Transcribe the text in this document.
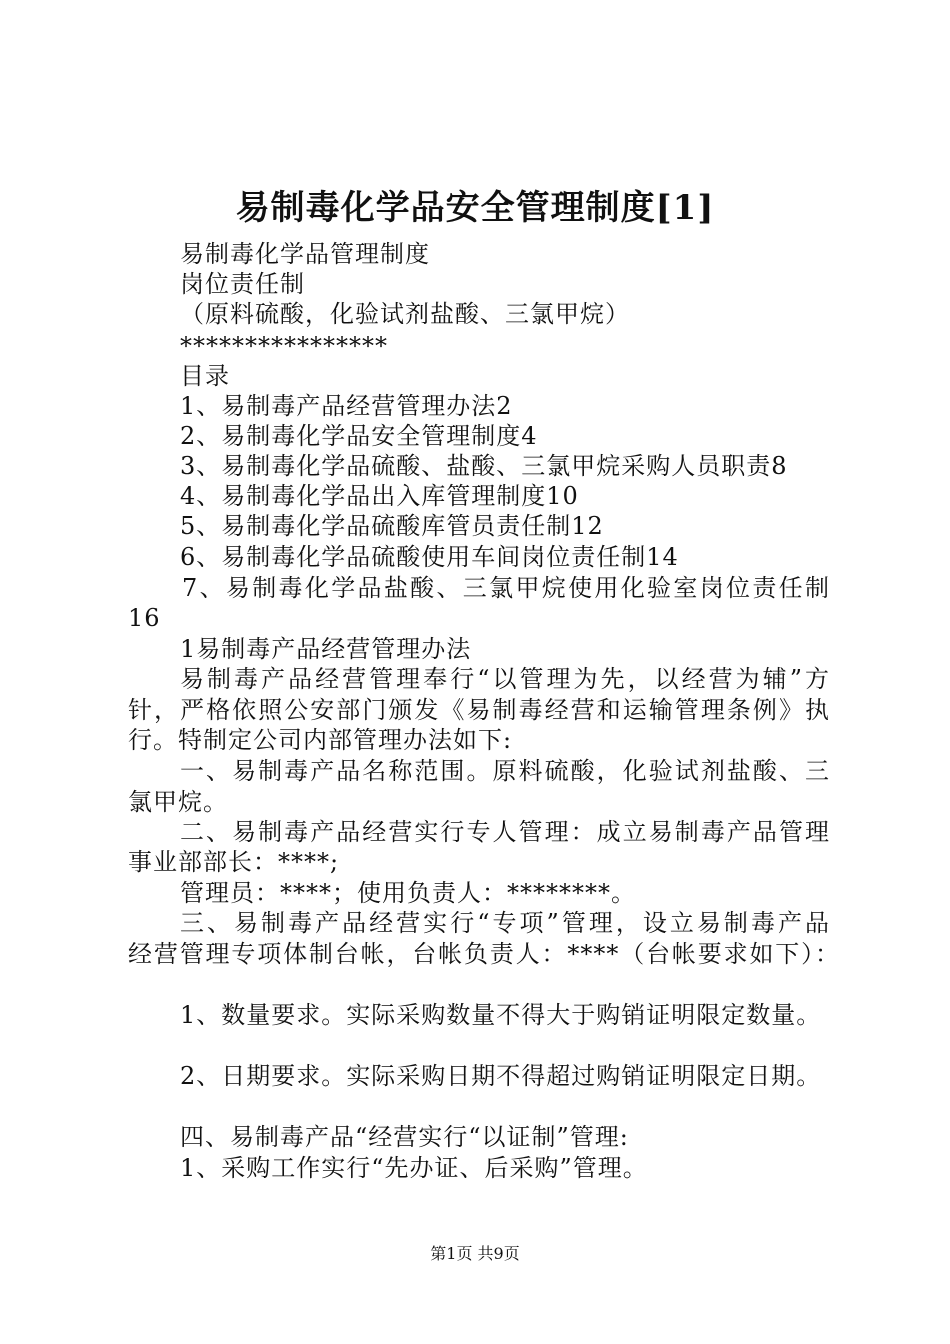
易制毒化学品安全管理制度[1]
易制毒化学品管理制度
岗位责任制
（原料硫酸，化验试剂盐酸、三氯甲烷）
****************
目录
1、易制毒产品经营管理办法2
2、易制毒化学品安全管理制度4
3、易制毒化学品硫酸、盐酸、三氯甲烷采购人员职责8
4、易制毒化学品出入库管理制度10
5、易制毒化学品硫酸库管员责任制12
6、易制毒化学品硫酸使用车间岗位责任制14
7、易制毒化学品盐酸、三氯甲烷使用化验室岗位责任制
16
1易制毒产品经营管理办法
易制毒产品经营管理奉行“以管理为先，以经营为辅”方
针，严格依照公安部门颁发《易制毒经营和运输管理条例》执
行。特制定公司内部管理办法如下:
一、易制毒产品名称范围。原料硫酸，化验试剂盐酸、三
氯甲烷。
二、易制毒产品经营实行专人管理：成立易制毒产品管理
事业部部长：****;
管理员：****；使用负责人：********。
三、易制毒产品经营实行“专项”管理，设立易制毒产品
经营管理专项体制台帐，台帐负责人：****（台帐要求如下）：
1、数量要求。实际采购数量不得大于购销证明限定数量。
2、日期要求。实际采购日期不得超过购销证明限定日期。
四、易制毒产品“经营实行“以证制”管理:
1、采购工作实行“先办证、后采购”管理。
第1页 共9页
